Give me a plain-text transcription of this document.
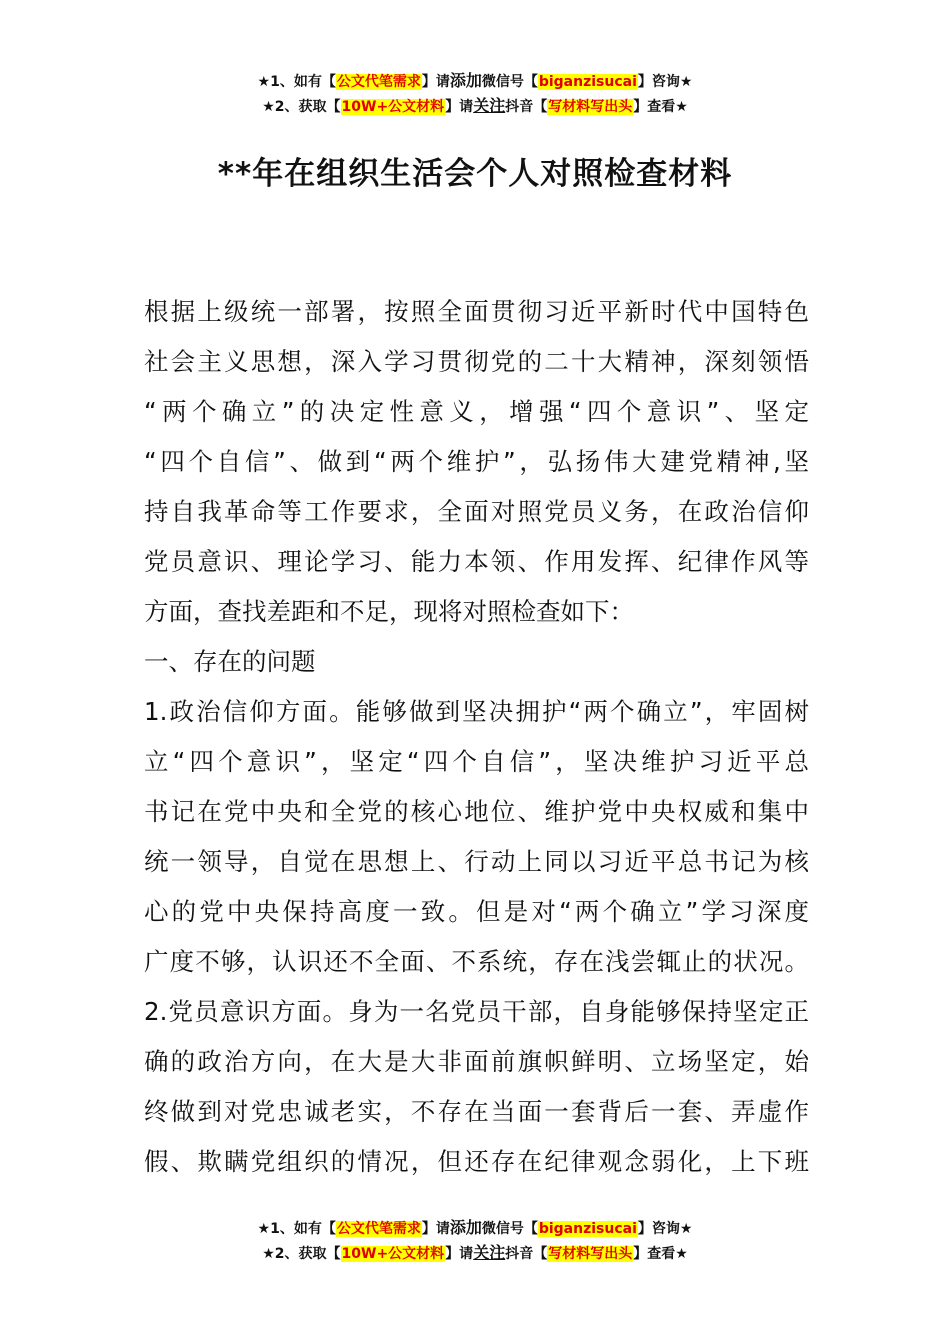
★1、如有【公文代笔需求】请添加微信号【biganzisucai】咨询★
★2、获取【10W+公文材料】请关注抖音【写材料写出头】查看★
**年在组织生活会个人对照检查材料
根据上级统一部署，按照全面贯彻习近平新时代中国特色
社会主义思想，深入学习贯彻党的二十大精神，深刻领悟
“两个确立”的决定性意义，增强“四个意识”、坚定
“四个自信”、做到“两个维护”，弘扬伟大建党精神,坚
持自我革命等工作要求，全面对照党员义务，在政治信仰
党员意识、理论学习、能力本领、作用发挥、纪律作风等
方面，查找差距和不足，现将对照检查如下：
一、存在的问题
1.政治信仰方面。能够做到坚决拥护“两个确立”，牢固树
立“四个意识”，坚定“四个自信”，坚决维护习近平总
书记在党中央和全党的核心地位、维护党中央权威和集中
统一领导，自觉在思想上、行动上同以习近平总书记为核
心的党中央保持高度一致。但是对“两个确立”学习深度
广度不够，认识还不全面、不系统，存在浅尝辄止的状况。
2.党员意识方面。身为一名党员干部，自身能够保持坚定正
确的政治方向，在大是大非面前旗帜鲜明、立场坚定，始
终做到对党忠诚老实，不存在当面一套背后一套、弄虚作
假、欺瞒党组织的情况，但还存在纪律观念弱化，上下班
★1、如有【公文代笔需求】请添加微信号【biganzisucai】咨询★
★2、获取【10W+公文材料】请关注抖音【写材料写出头】查看★
